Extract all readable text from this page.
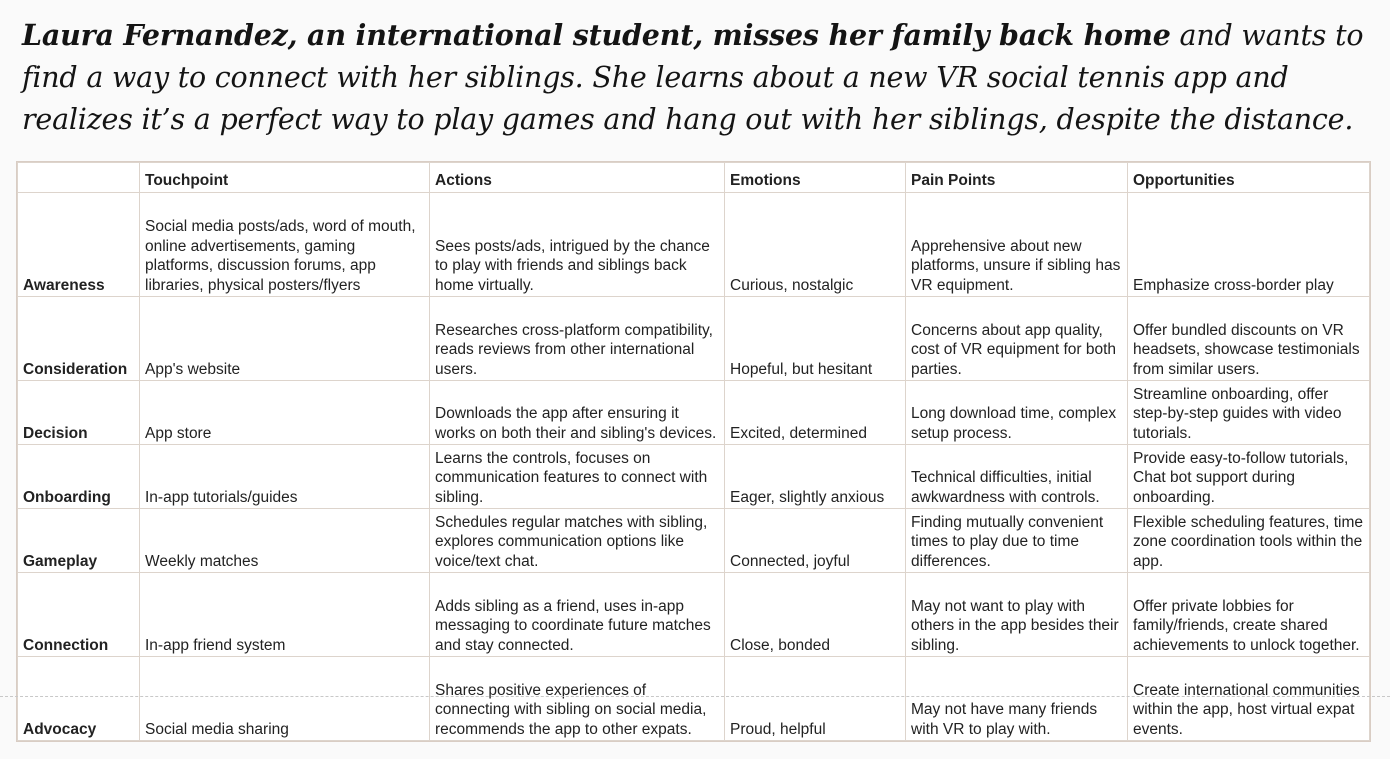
Laura Fernandez, an international student, misses her family back home and wants to find a way to connect with her siblings. She learns about a new VR social tennis app and realizes it’s a perfect way to play games and hang out with her siblings, despite the distance.
	Touchpoint	Actions	Emotions	Pain Points	Opportunities
Awareness	Social media posts/ads, word of mouth, online advertisements, gaming platforms, discussion forums, app libraries, physical posters/flyers	Sees posts/ads, intrigued by the chance to play with friends and siblings back home virtually.	Curious, nostalgic	Apprehensive about new platforms, unsure if sibling has VR equipment.	Emphasize cross-border play
Consideration	App's website	Researches cross-platform compatibility, reads reviews from other international users.	Hopeful, but hesitant	Concerns about app quality, cost of VR equipment for both parties.	Offer bundled discounts on VR headsets, showcase testimonials from similar users.
Decision	App store	Downloads the app after ensuring it works on both their and sibling's devices.	Excited, determined	Long download time, complex setup process.	Streamline onboarding, offer step-by-step guides with video tutorials.
Onboarding	In-app tutorials/guides	Learns the controls, focuses on communication features to connect with sibling.	Eager, slightly anxious	Technical difficulties, initial awkwardness with controls.	Provide easy-to-follow tutorials, Chat bot support during onboarding.
Gameplay	Weekly matches	Schedules regular matches with sibling, explores communication options like voice/text chat.	Connected, joyful	Finding mutually convenient times to play due to time differences.	Flexible scheduling features, time zone coordination tools within the app.
Connection	In-app friend system	Adds sibling as a friend, uses in-app messaging to coordinate future matches and stay connected.	Close, bonded	May not want to play with others in the app besides their sibling.	Offer private lobbies for family/friends, create shared achievements to unlock together.
Advocacy	Social media sharing	Shares positive experiences of connecting with sibling on social media, recommends the app to other expats.	Proud, helpful	May not have many friends with VR to play with.	Create international communities within the app, host virtual expat events.
